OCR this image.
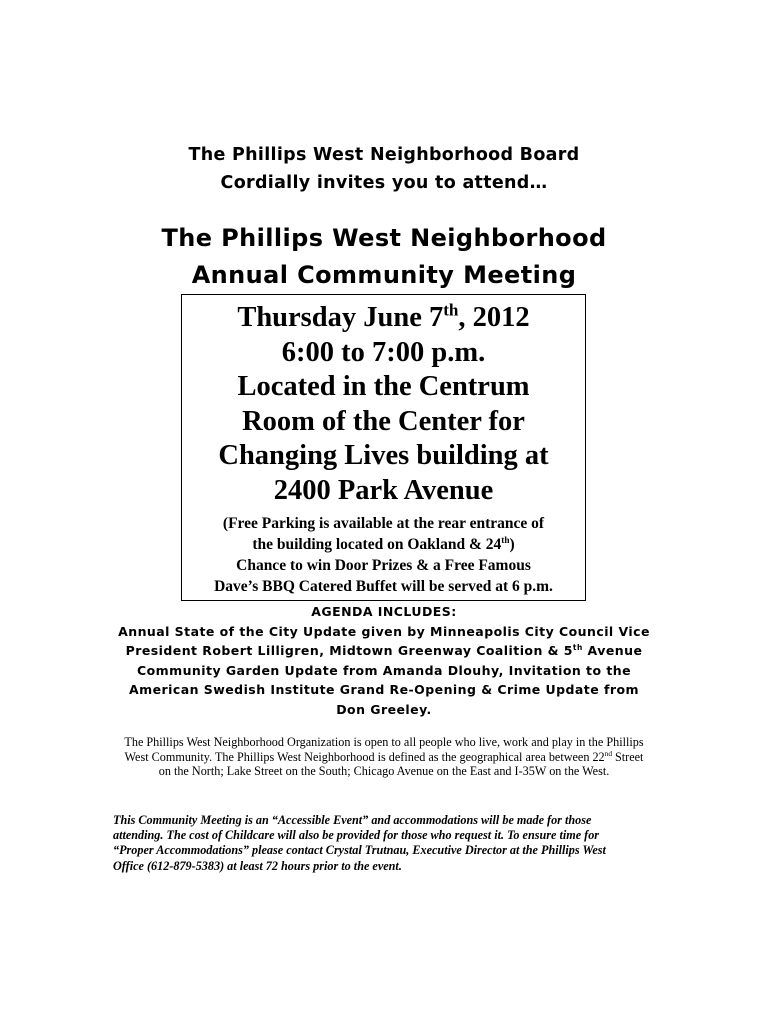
The Phillips West Neighborhood Board
Cordially invites you to attend…
The Phillips West Neighborhood
Annual Community Meeting
Thursday June 7th, 2012
6:00 to 7:00 p.m.
Located in the Centrum
Room of the Center for
Changing Lives building at
2400 Park Avenue
(Free Parking is available at the rear entrance of
the building located on Oakland & 24th)
Chance to win Door Prizes & a Free Famous
Dave’s BBQ Catered Buffet will be served at 6 p.m.
AGENDA INCLUDES:
Annual State of the City Update given by Minneapolis City Council Vice
President Robert Lilligren, Midtown Greenway Coalition & 5th Avenue
Community Garden Update from Amanda Dlouhy, Invitation to the
American Swedish Institute Grand Re-Opening & Crime Update from
Don Greeley.
The Phillips West Neighborhood Organization is open to all people who live, work and play in the Phillips
West Community. The Phillips West Neighborhood is defined as the geographical area between 22nd Street
on the North; Lake Street on the South; Chicago Avenue on the East and I-35W on the West.
This Community Meeting is an “Accessible Event” and accommodations will be made for those
attending. The cost of Childcare will also be provided for those who request it. To ensure time for
“Proper Accommodations” please contact Crystal Trutnau, Executive Director at the Phillips West
Office (612-879-5383) at least 72 hours prior to the event.
